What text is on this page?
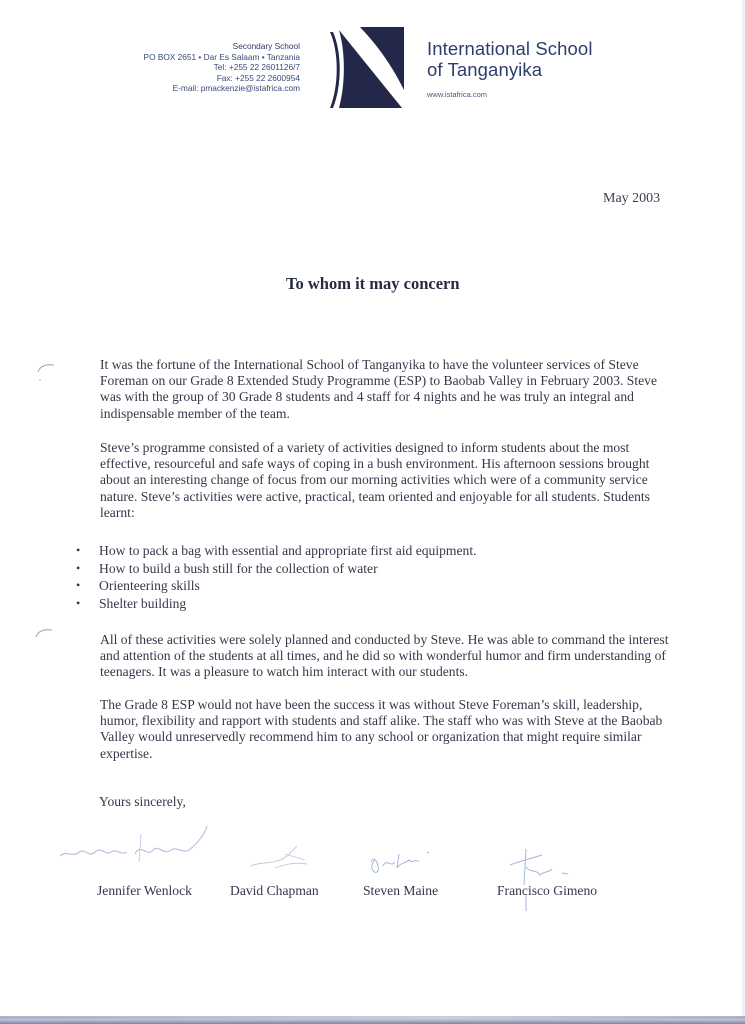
Secondary School
PO BOX 2651 • Dar Es Salaam • Tanzania
Tel: +255 22 2601126/7
Fax: +255 22 2600954
E-mail: pmackenzie@istafrica.com
International School
of Tanganyika
www.istafrica.com
May 2003
To whom it may concern

It was the fortune of the International School of Tanganyika to have the volunteer services of Steve Foreman on our Grade 8 Extended Study Programme (ESP) to Baobab Valley in February 2003. Steve was with the group of 30 Grade 8 students and 4 staff for 4 nights and he was truly an integral and indispensable member of the team.

Steve’s programme consisted of a variety of activities designed to inform students about the most effective, resourceful and safe ways of coping in a bush environment. His afternoon sessions brought about an interesting change of focus from our morning activities which were of a community service nature. Steve’s activities were active, practical, team oriented and enjoyable for all students. Students learnt:

• How to pack a bag with essential and appropriate first aid equipment.
• How to build a bush still for the collection of water
• Orienteering skills
• Shelter building

All of these activities were solely planned and conducted by Steve. He was able to command the interest and attention of the students at all times, and he did so with wonderful humor and firm understanding of teenagers. It was a pleasure to watch him interact with our students.

The Grade 8 ESP would not have been the success it was without Steve Foreman’s skill, leadership, humor, flexibility and rapport with students and staff alike. The staff who was with Steve at the Baobab Valley would unreservedly recommend him to any school or organization that might require similar expertise.

Yours sincerely,
Jennifer Wenlock	David Chapman	Steven Maine	Francisco Gimeno
